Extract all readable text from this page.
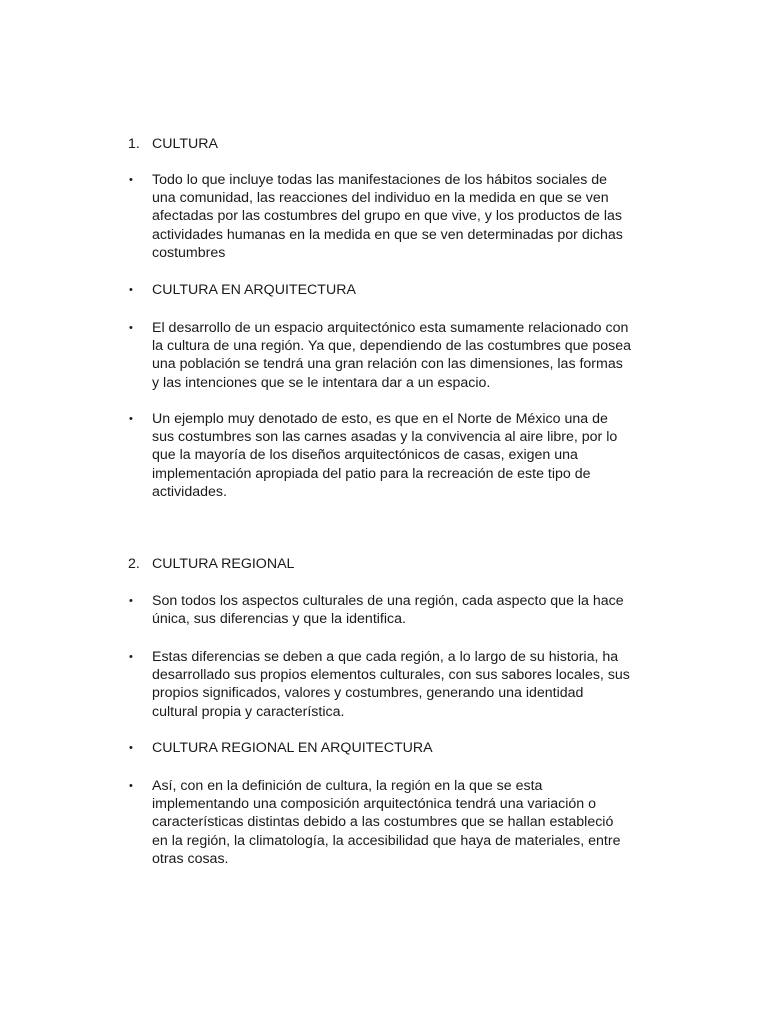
1. CULTURA
•	Todo lo que incluye todas las manifestaciones de los hábitos sociales de
una comunidad, las reacciones del individuo en la medida en que se ven
afectadas por las costumbres del grupo en que vive, y los productos de las
actividades humanas en la medida en que se ven determinadas por dichas
costumbres
•	CULTURA EN ARQUITECTURA
•	El desarrollo de un espacio arquitectónico esta sumamente relacionado con
la cultura de una región. Ya que, dependiendo de las costumbres que posea
una población se tendrá una gran relación con las dimensiones, las formas
y las intenciones que se le intentara dar a un espacio.
•	Un ejemplo muy denotado de esto, es que en el Norte de México una de
sus costumbres son las carnes asadas y la convivencia al aire libre, por lo
que la mayoría de los diseños arquitectónicos de casas, exigen una
implementación apropiada del patio para la recreación de este tipo de
actividades.
2. CULTURA REGIONAL
•	Son todos los aspectos culturales de una región, cada aspecto que la hace
única, sus diferencias y que la identifica.
•	Estas diferencias se deben a que cada región, a lo largo de su historia, ha
desarrollado sus propios elementos culturales, con sus sabores locales, sus
propios significados, valores y costumbres, generando una identidad
cultural propia y característica.
•	CULTURA REGIONAL EN ARQUITECTURA
•	Así, con en la definición de cultura, la región en la que se esta
implementando una composición arquitectónica tendrá una variación o
características distintas debido a las costumbres que se hallan estableció
en la región, la climatología, la accesibilidad que haya de materiales, entre
otras cosas.
